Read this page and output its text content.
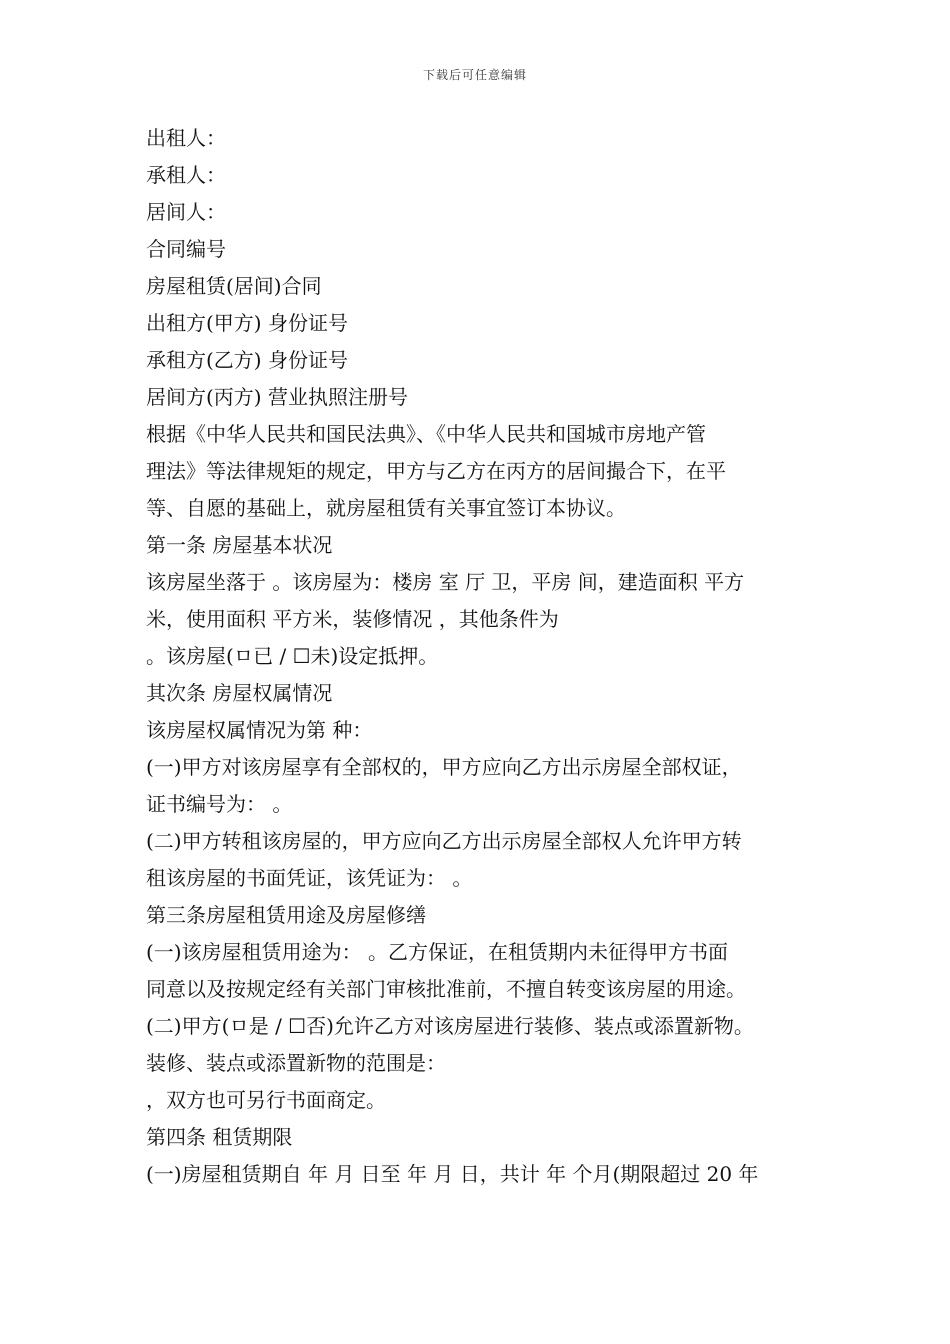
下载后可任意编辑
出租人：
承租人：
居间人：
合同编号
房屋租赁(居间)合同
出租方(甲方) 身份证号
承租方(乙方) 身份证号
居间方(丙方) 营业执照注册号
根据《中华人民共和国民法典》、《中华人民共和国城市房地产管
理法》等法律规矩的规定，甲方与乙方在丙方的居间撮合下，在平
等、自愿的基础上，就房屋租赁有关事宜签订本协议。
第一条 房屋基本状况
该房屋坐落于 。该房屋为：楼房 室 厅 卫，平房 间，建造面积 平方
米，使用面积 平方米，装修情况 ，其他条件为
。该房屋(ㅁ已 / ☐未)设定抵押。
其次条 房屋权属情况
该房屋权属情况为第 种：
(一)甲方对该房屋享有全部权的，甲方应向乙方出示房屋全部权证，
证书编号为： 。
(二)甲方转租该房屋的，甲方应向乙方出示房屋全部权人允许甲方转
租该房屋的书面凭证，该凭证为： 。
第三条房屋租赁用途及房屋修缮
(一)该房屋租赁用途为： 。乙方保证，在租赁期内未征得甲方书面
同意以及按规定经有关部门审核批准前，不擅自转变该房屋的用途。
(二)甲方(ㅁ是 / ☐否)允许乙方对该房屋进行装修、装点或添置新物。
装修、装点或添置新物的范围是：
，双方也可另行书面商定。
第四条 租赁期限
(一)房屋租赁期自 年 月 日至 年 月 日，共计 年 个月(期限超过 20 年
